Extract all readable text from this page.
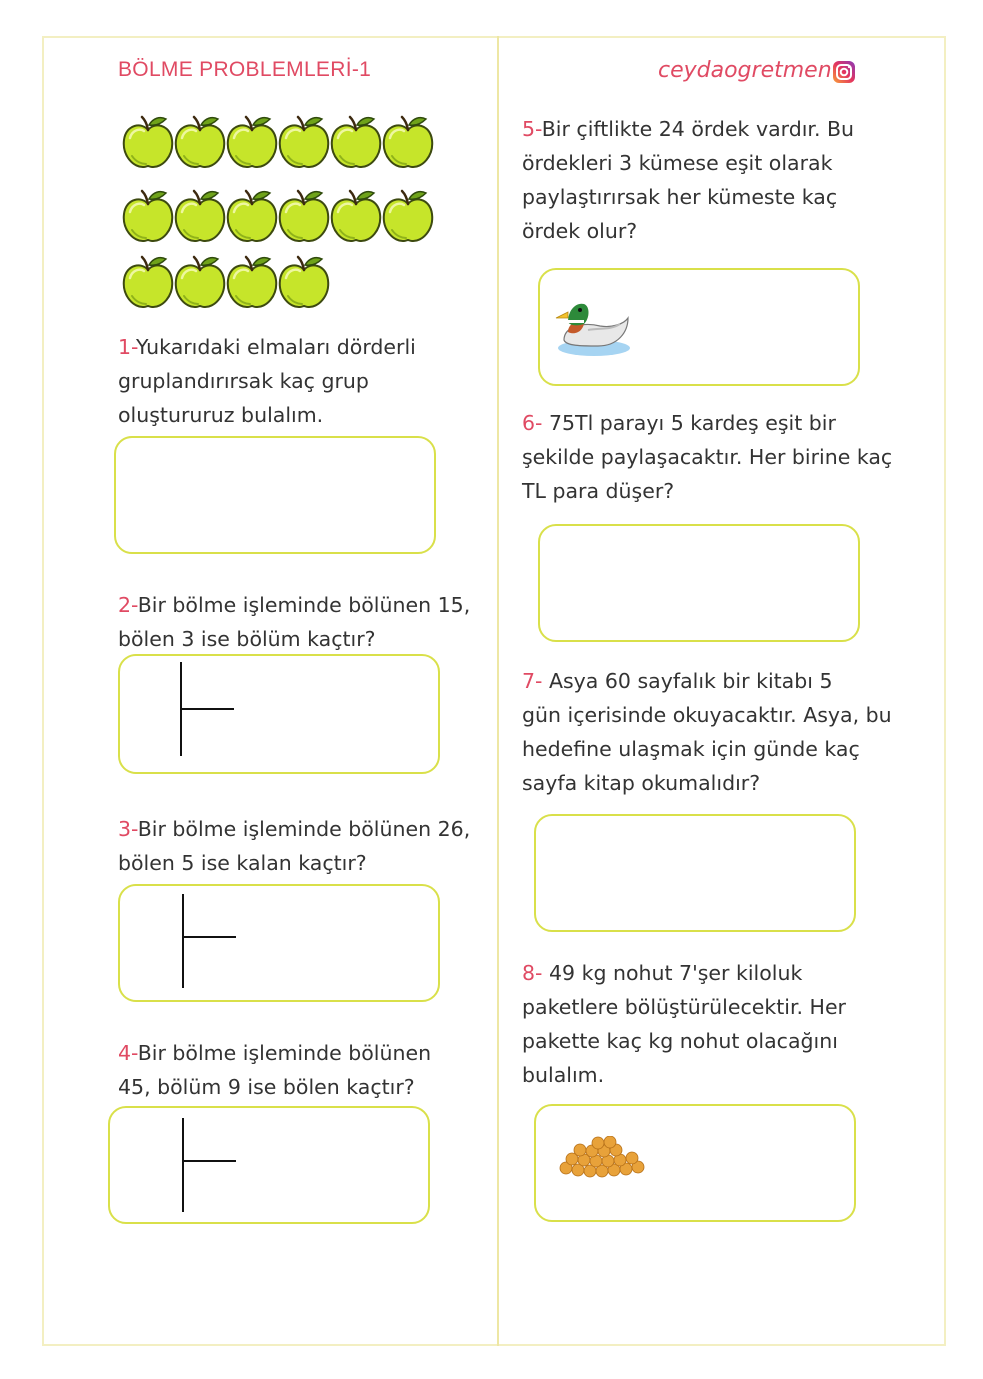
BÖLME PROBLEMLERİ-1	ceydaogretmen
1-Yukarıdaki elmaları dörderli
gruplandırırsak kaç grup
oluştururuz bulalım.
2-Bir bölme işleminde bölünen 15,
bölen 3 ise bölüm kaçtır?
3-Bir bölme işleminde bölünen 26,
bölen 5 ise kalan kaçtır?
4-Bir bölme işleminde bölünen
45, bölüm 9 ise bölen kaçtır?
5-Bir çiftlikte 24 ördek vardır. Bu
ördekleri 3 kümese eşit olarak
paylaştırırsak her kümeste kaç
ördek olur?
6- 75Tl parayı 5 kardeş eşit bir
şekilde paylaşacaktır. Her birine kaç
TL para düşer?
7- Asya 60 sayfalık bir kitabı 5
gün içerisinde okuyacaktır. Asya, bu
hedefine ulaşmak için günde kaç
sayfa kitap okumalıdır?
8- 49 kg nohut 7'şer kiloluk
paketlere bölüştürülecektir. Her
pakette kaç kg nohut olacağını
bulalım.
